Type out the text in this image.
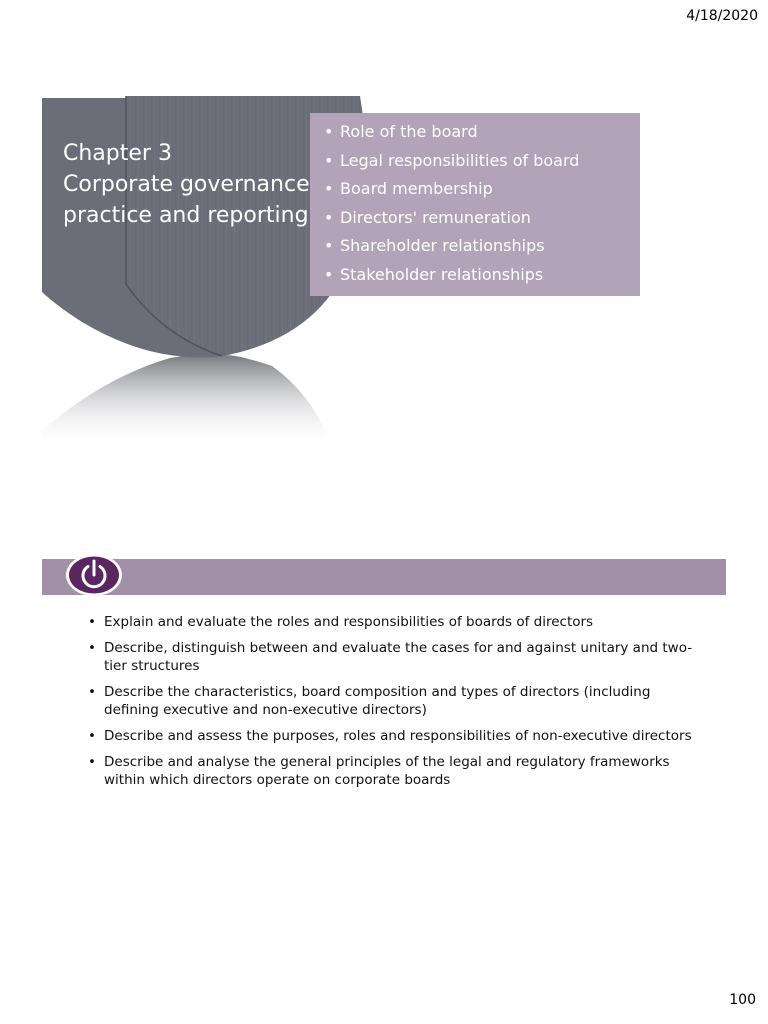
4/18/2020
• Role of the board
• Legal responsibilities of board
• Board membership
• Directors' remuneration
• Shareholder relationships
• Stakeholder relationships
• Reporting
Chapter 3
Corporate governance
practice and reporting
• Explain and evaluate the roles and responsibilities of boards of directors
• Describe, distinguish between and evaluate the cases for and against unitary and two-tier structures
• Describe the characteristics, board composition and types of directors (including defining executive and non-executive directors)
• Describe and assess the purposes, roles and responsibilities of non-executive directors
• Describe and analyse the general principles of the legal and regulatory frameworks within which directors operate on corporate boards
100
